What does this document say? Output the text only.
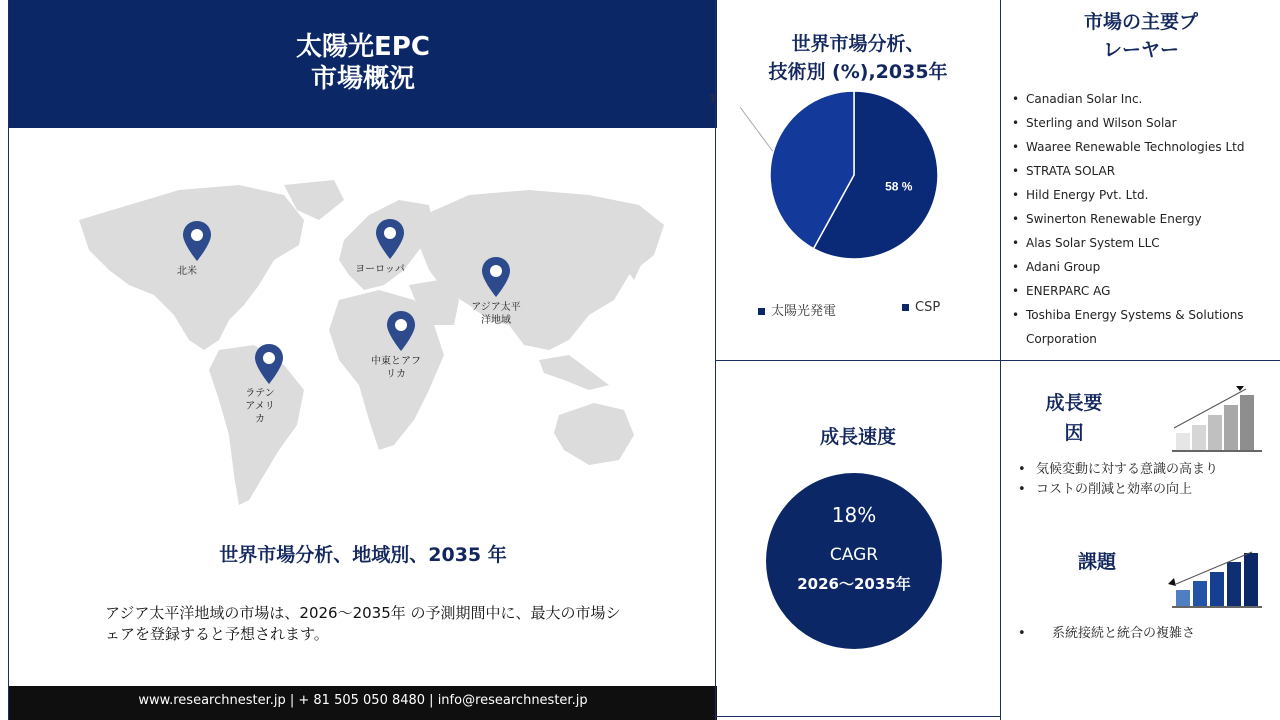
太陽光EPC
市場概況
北米	ヨーロッパ
アジア太平
洋地域
中東とアフ
リカ
ラテン
アメリ
カ
世界市場分析、地域別、2035 年
アジア太平洋地域の市場は、2026～2035年 の予測期間中に、最大の市場シェアを登録すると予想されます。
www.researchnester.jp | + 81 505 050 8480 | info@researchnester.jp
世界市場分析、
技術別 (%),2035年
3
58 %
太陽光発電	CSP
市場の主要プ
レーヤー
• Canadian Solar Inc.
• Sterling and Wilson Solar
• Waaree Renewable Technologies Ltd
• STRATA SOLAR
• Hild Energy Pvt. Ltd.
• Swinerton Renewable Energy
• Alas Solar System LLC
• Adani Group
• ENERPARC AG
• Toshiba Energy Systems & Solutions Corporation
成長速度
18%
CAGR
2026～2035年
成長要
因
• 気候変動に対する意識の高まり
• コストの削減と効率の向上
課題
• 系統接続と統合の複雑さ
